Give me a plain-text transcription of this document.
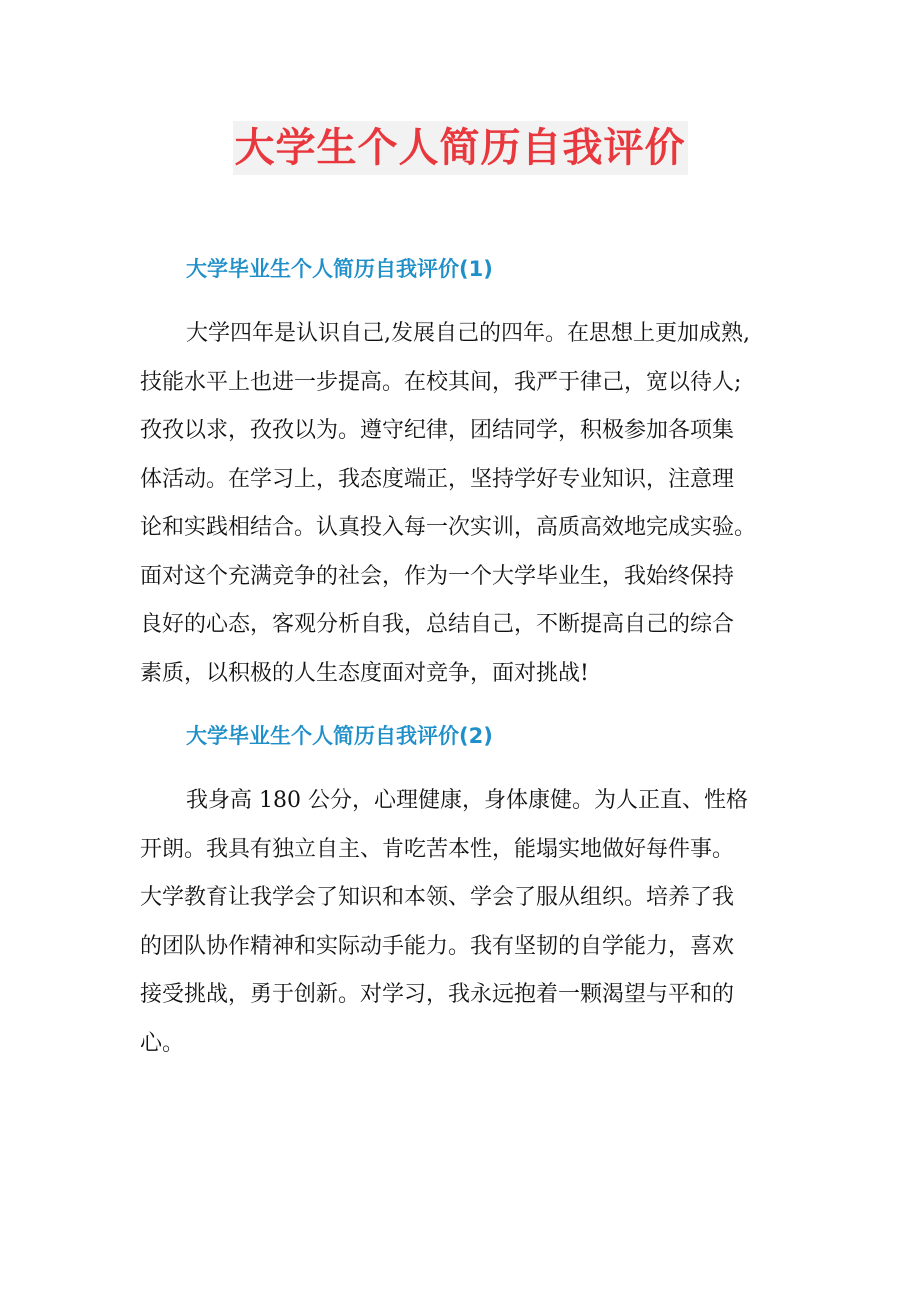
大学生个人简历自我评价
大学毕业生个人简历自我评价(1)
大学四年是认识自己,发展自己的四年。在思想上更加成熟,
技能水平上也进一步提高。在校其间，我严于律己，宽以待人;
孜孜以求，孜孜以为。遵守纪律，团结同学，积极参加各项集
体活动。在学习上，我态度端正，坚持学好专业知识，注意理
论和实践相结合。认真投入每一次实训，高质高效地完成实验。
面对这个充满竞争的社会，作为一个大学毕业生，我始终保持
良好的心态，客观分析自我，总结自己，不断提高自己的综合
素质，以积极的人生态度面对竞争，面对挑战!
大学毕业生个人简历自我评价(2)
我身高 180 公分，心理健康，身体康健。为人正直、性格
开朗。我具有独立自主、肯吃苦本性，能塌实地做好每件事。
大学教育让我学会了知识和本领、学会了服从组织。培养了我
的团队协作精神和实际动手能力。我有坚韧的自学能力，喜欢
接受挑战，勇于创新。对学习，我永远抱着一颗渴望与平和的
心。
